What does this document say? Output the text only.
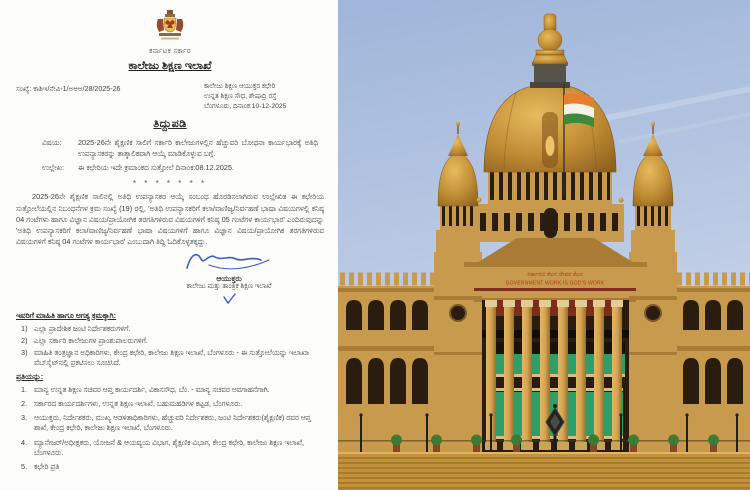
ಕರ್ನಾಟಕ ಸರ್ಕಾರ
ಕಾಲೇಜು ಶಿಕ್ಷಣ ಇಲಾಖೆ
ಸಂಖ್ಯೆ: ಕಾಶಿಇ/ನೇವಿ-1/ಅಆಅ/28/2025-26	ಕಾಲೇಜು ಶಿಕ್ಷಣ ಆಯುಕ್ತರ ಕಛೇರಿ
ಉನ್ನತ ಶಿಕ್ಷಣ ಸೌಧ, ಶೇಷಾದ್ರಿ ರಸ್ತೆ
ಬೆಂಗಳೂರು, ದಿನಾಂಕ:10-12-2025
ತಿದ್ದುಪಡಿ
ವಿಷಯ:	2025-26ನೇ ಶೈಕ್ಷಣಿಕ ಸಾಲಿಗೆ ಸರ್ಕಾರಿ ಕಾಲೇಜುಗಳಲ್ಲಿನ ಹೆಚ್ಚುವರಿ ಬೋಧನಾ ಕಾರ್ಯಭಾರಕ್ಕೆ ಅತಿಥಿ ಉಪನ್ಯಾಸಕರನ್ನು ತಾತ್ಕಾಲಿಕವಾಗಿ ಆಯ್ಕೆ ಮಾಡಿಕೊಳ್ಳುವ ಬಗ್ಗೆ.
ಉಲ್ಲೇಖ:	ಈ ಕಛೇರಿಯ ಇದೇ ಕ್ರಮಾಂಕದ ಸುತ್ತೋಲೆ ದಿನಾಂಕ:08.12.2025.
* * * * * * *
2025-26ನೇ ಶೈಕ್ಷಣಿಕ ಸಾಲಿನಲ್ಲಿ ಅತಿಥಿ ಉಪನ್ಯಾಸಕರ ಆಯ್ಕೆ ಸಂಬಂಧ ಹೊರಡಿಸಲಾಗಿರುವ ಉಲ್ಲೇಖಿತ ಈ ಕಛೇರಿಯ ಸುತ್ತೋಲೆಯಲ್ಲಿನ ನಿಬಂಧನೆಗಳ ಕ್ರಮ ಸಂಖ್ಯೆ (19) ರಲ್ಲಿ, 'ಅತಿಥಿ ಉಪನ್ಯಾಸಕರಿಗೆ ಕಲಾ/ವಾಣಿಜ್ಯ/ನಿರ್ವಹಣೆ ಭಾಷಾ ವಿಷಯಗಳಲ್ಲಿ ಕನಿಷ್ಠ 04 ಗಂಟೆಗಳು ಹಾಗೂ ವಿಜ್ಞಾನ ವಿಷಯ/ಪ್ರಾಯೋಗಿಕ ತರಗತಿಗಳಿರುವ ವಿಷಯಗಳಿಗೆ ಕನಿಷ್ಠ 05 ಗಂಟೆಗಳ ಕಾರ್ಯಭಾರ' ಎಂದಿರುವುದನ್ನು 'ಅತಿಥಿ ಉಪನ್ಯಾಸಕರಿಗೆ ಕಲಾ/ವಾಣಿಜ್ಯ/ನಿರ್ವಹಣೆ ಭಾಷಾ ವಿಷಯಗಳಿಗೆ ಹಾಗೂ ವಿಜ್ಞಾನ ವಿಷಯ/ಪ್ರಾಯೋಗಿಕ ತರಗತಿಗಳಿರುವ ವಿಷಯಗಳಿಗೆ ಕನಿಷ್ಠ 04 ಗಂಟೆಗಳ ಕಾರ್ಯಭಾರ' ಎಂಬುದಾಗಿ ತಿದ್ದಿ ಓದಿಕೊಳ್ಳತಕ್ಕದ್ದು.
ಆಯುಕ್ತರು
ಕಾಲೇಜು ಮತ್ತು ತಾಂತ್ರಿಕ ಶಿಕ್ಷಣ ಇಲಾಖೆ
ಇವರಿಗೆ ಮಾಹಿತಿ ಹಾಗೂ ಅಗತ್ಯ ಕ್ರಮಕ್ಕಾಗಿ:
ಎಲ್ಲಾ ಪ್ರಾದೇಶಿಕ ಜಂಟಿ ನಿರ್ದೇಶಕರುಗಳಿಗೆ.
ಎಲ್ಲಾ ಸರ್ಕಾರಿ ಕಾಲೇಜುಗಳ ಪ್ರಾಂಶುಪಾಲರುಗಳಿಗೆ.
ಮಾಹಿತಿ ತಂತ್ರಜ್ಞಾನ ಅಧಿಕಾರಿಗಳು, ಕೇಂದ್ರ ಕಛೇರಿ, ಕಾಲೇಜು ಶಿಕ್ಷಣ ಇಲಾಖೆ, ಬೆಂಗಳೂರು - ಈ ಸುತ್ತೋಲೆಯನ್ನು ಇಲಾಖಾ ವೆಬ್‌ಸೈಟ್‌ನಲ್ಲಿ ಪ್ರಕಟಿಸಲು ಸೂಚಿಸಿದೆ.
ಪ್ರತಿಯನ್ನು:
ಮಾನ್ಯ ಉನ್ನತ ಶಿಕ್ಷಣ ಸಚಿವರ ಆಪ್ತ ಕಾರ್ಯದರ್ಶಿ, ವಿಕಾಸಸೌಧ, ಬೆಂ. - ಮಾನ್ಯ ಸಚಿವರ ಅವಗಾಹನೆಗಾಗಿ.
ಸರ್ಕಾರದ ಕಾರ್ಯದರ್ಶಿಗಳು, ಉನ್ನತ ಶಿಕ್ಷಣ ಇಲಾಖೆ, ಬಹುಮಹಡಿಗಳ ಕಟ್ಟಡ, ಬೆಂಗಳೂರು.
ಆಯುಕ್ತರು, ನಿರ್ದೇಶಕರು, ಮುಖ್ಯ ಆಡಳಿತಾಧಿಕಾರಿಗಳು, ಹೆಚ್ಚುವರಿ ನಿರ್ದೇಶಕರು, ಜಂಟಿ ನಿರ್ದೇಶಕರು(ಶೈಕ್ಷಣಿಕ) ರವರ ಆಪ್ತ ಶಾಖೆ, ಕೇಂದ್ರ ಕಛೇರಿ, ಕಾಲೇಜು ಶಿಕ್ಷಣ ಇಲಾಖೆ, ಬೆಂಗಳೂರು.
ಮ್ಯಾನೇಜರ್/ಅಧೀಕ್ಷಕರು, ಯೋಜನೆ & ಆಯವ್ಯಯ ವಿಭಾಗ, ಶೈಕ್ಷಣಿಕ ವಿಭಾಗ, ಕೇಂದ್ರ ಕಛೇರಿ, ಕಾಲೇಜು ಶಿಕ್ಷಣ ಇಲಾಖೆ, ಬೆಂಗಳೂರು.
ಕಛೇರಿ ಪ್ರತಿ
ಸರ್ಕಾರದ ಕೆಲಸ ದೇವರ ಕೆಲಸ
GOVERNMENT WORK IS GOD'S WORK
